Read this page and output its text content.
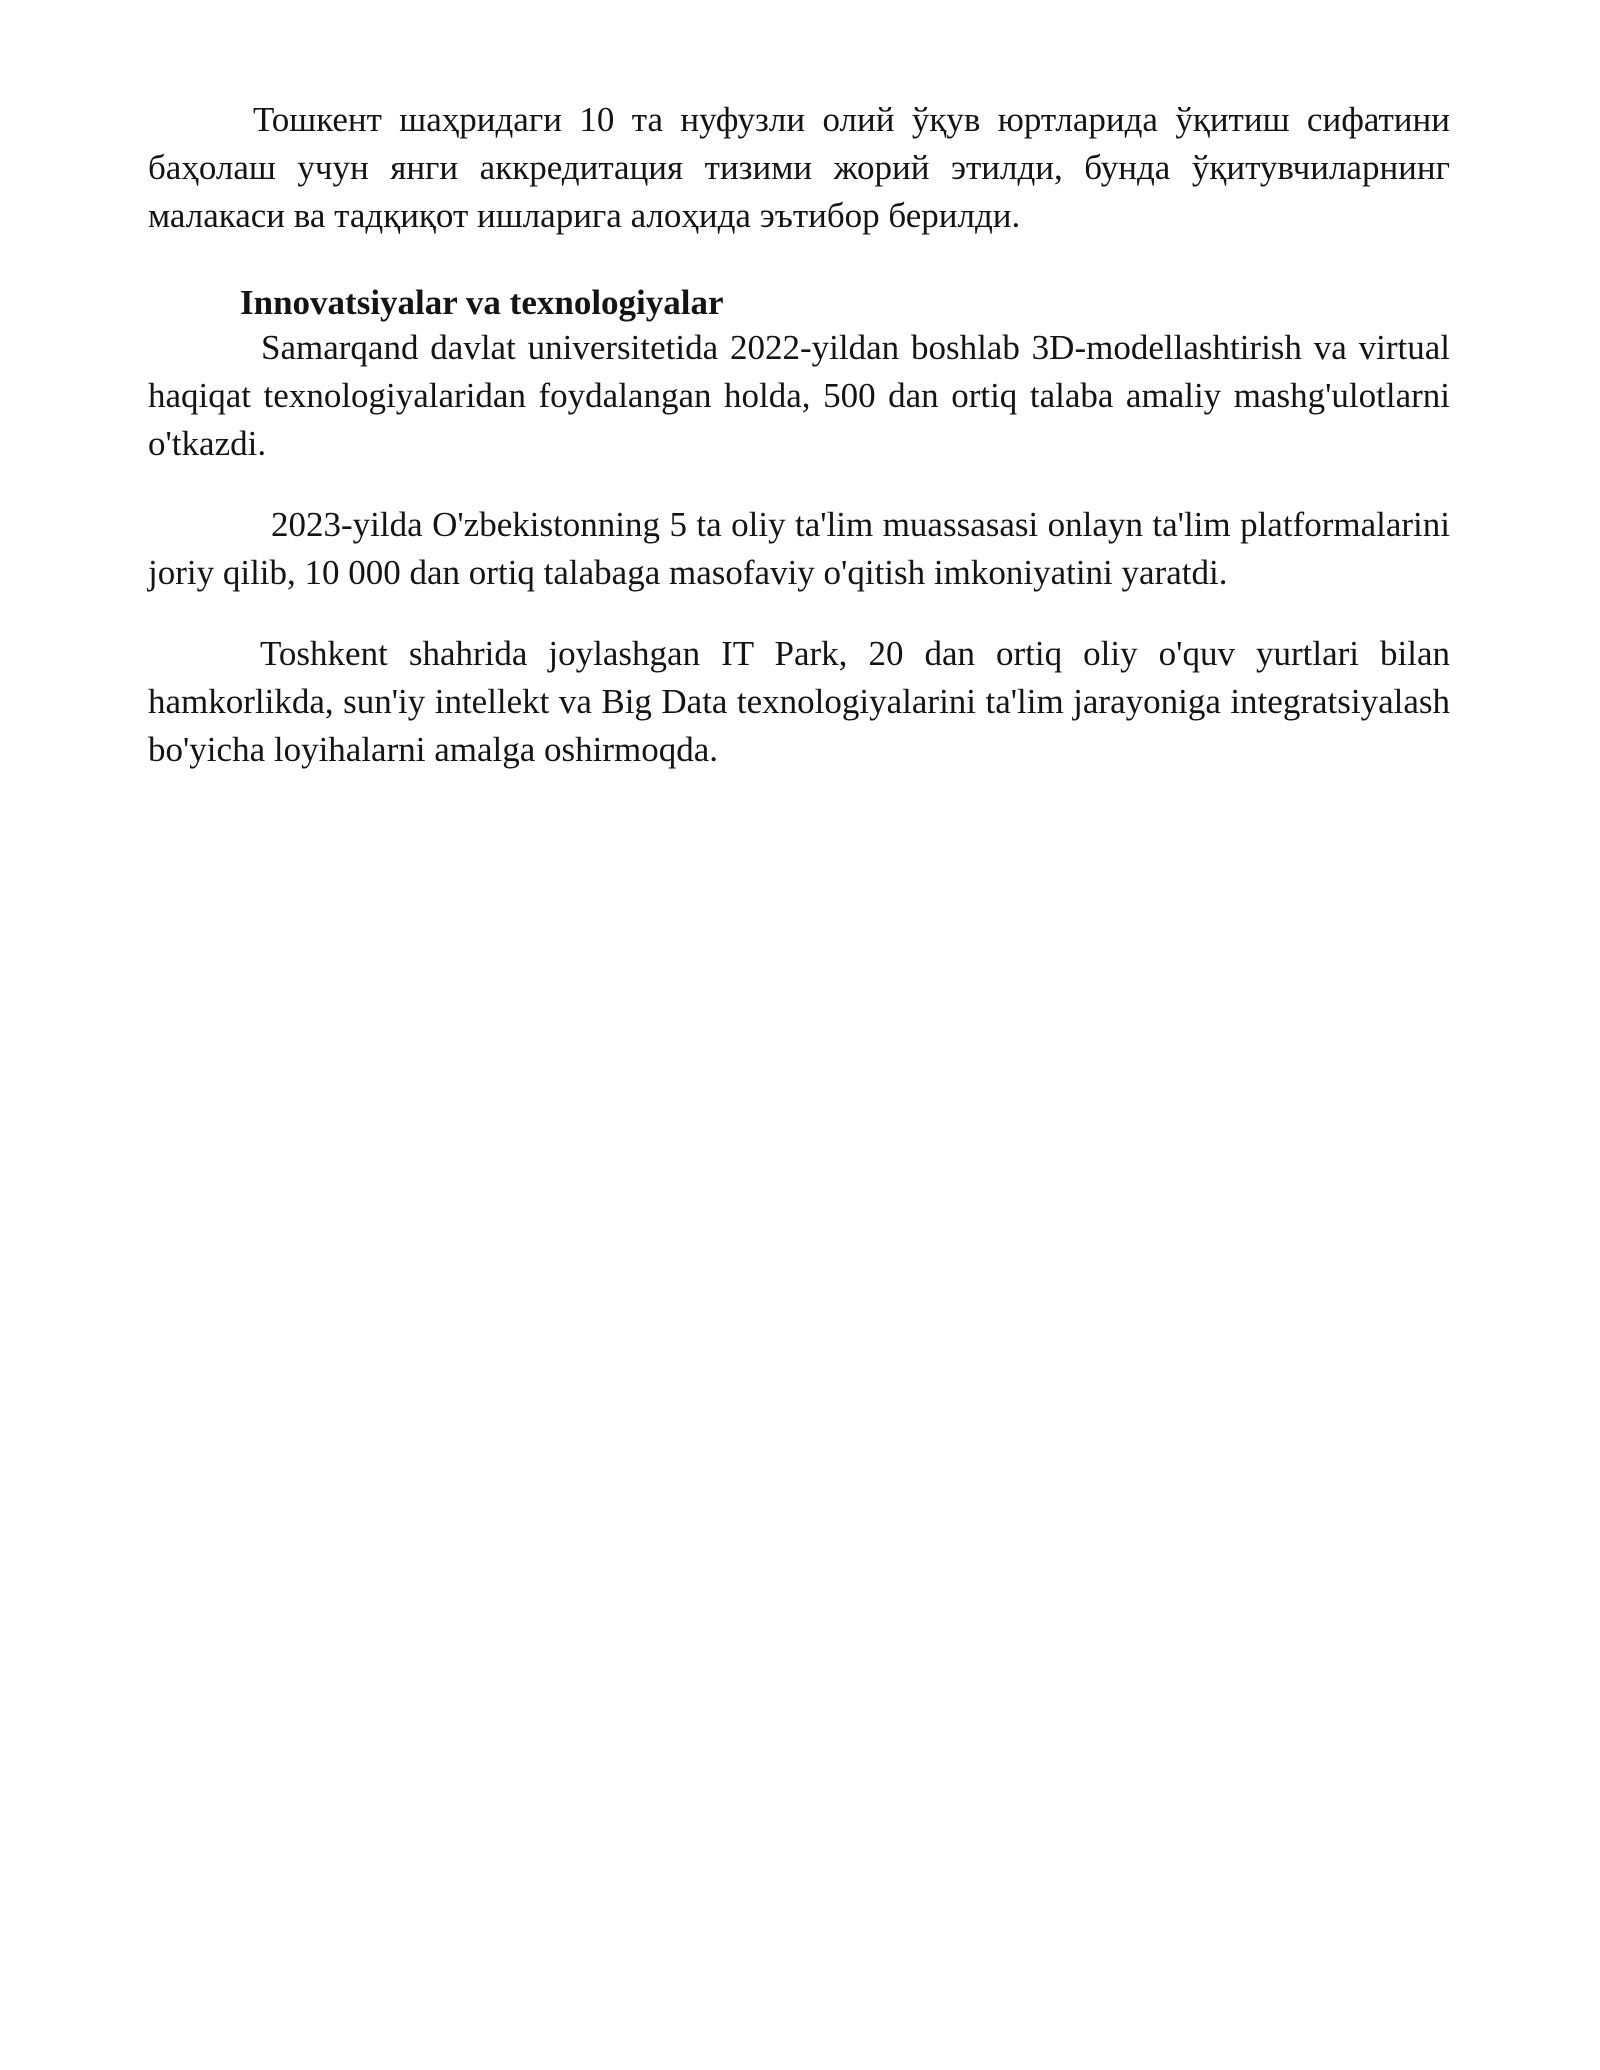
Тошкент шаҳридаги 10 та нуфузли олий ўқув юртларида ўқитиш сифатини баҳолаш учун янги аккредитация тизими жорий этилди, бунда ўқитувчиларнинг малакаси ва тадқиқот ишларига алоҳида эътибор берилди.

Innovatsiyalar va texnologiyalar

Samarqand davlat universitetida 2022-yildan boshlab 3D-modellashtirish va virtual haqiqat texnologiyalaridan foydalangan holda, 500 dan ortiq talaba amaliy mashg'ulotlarni o'tkazdi.

2023-yilda O'zbekistonning 5 ta oliy ta'lim muassasasi onlayn ta'lim platformalarini joriy qilib, 10 000 dan ortiq talabaga masofaviy o'qitish imkoniyatini yaratdi.

Toshkent shahrida joylashgan IT Park, 20 dan ortiq oliy o'quv yurtlari bilan hamkorlikda, sun'iy intellekt va Big Data texnologiyalarini ta'lim jarayoniga integratsiyalash bo'yicha loyihalarni amalga oshirmoqda.
